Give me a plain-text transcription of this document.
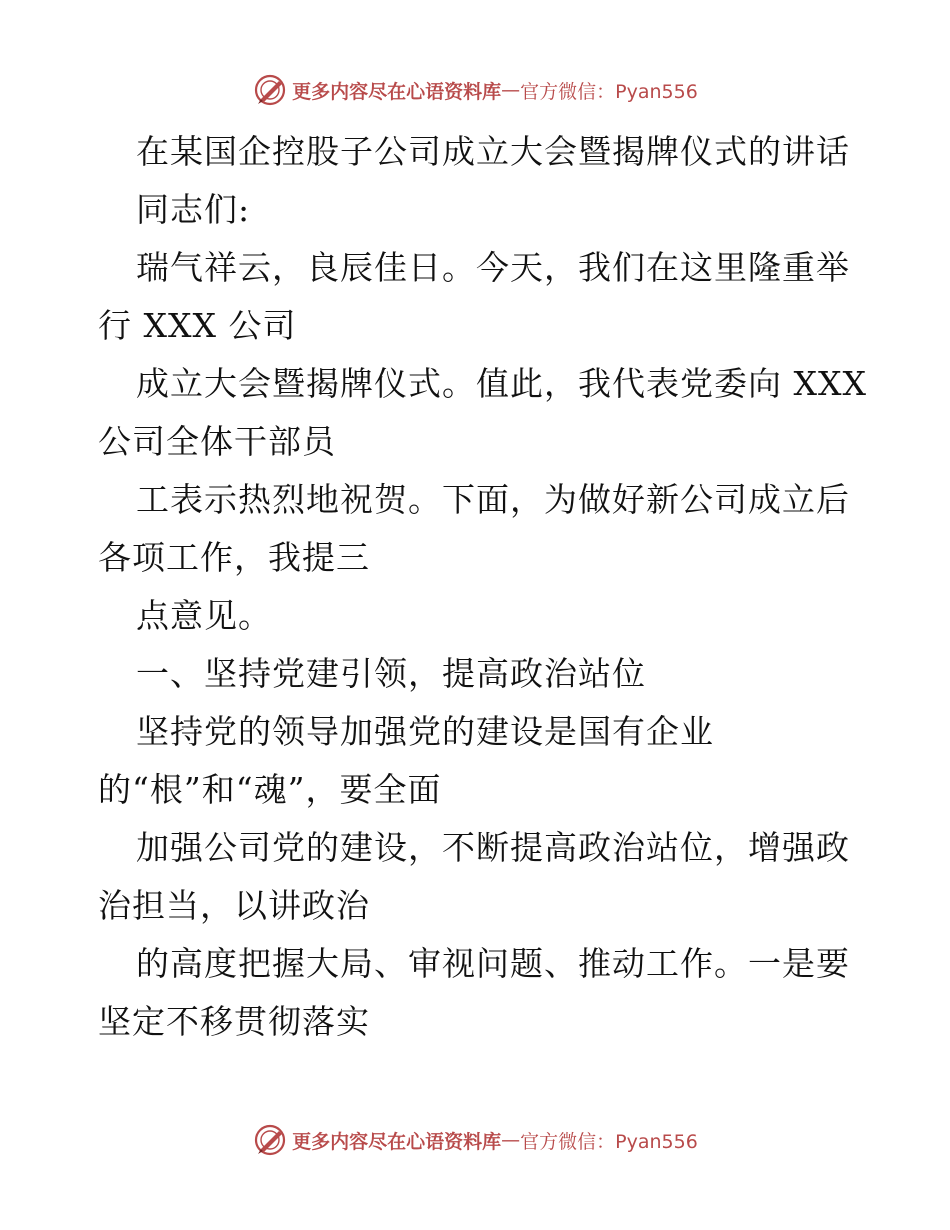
更多内容尽在心语资料库 — 官方微信：Pyan556
在某国企控股子公司成立大会暨揭牌仪式的讲话
同志们:
瑞气祥云，良辰佳日。今天，我们在这里隆重举
行 XXX 公司
成立大会暨揭牌仪式。值此，我代表党委向 XXX
公司全体干部员
工表示热烈地祝贺。下面，为做好新公司成立后
各项工作，我提三
点意见。
一、坚持党建引领，提高政治站位
坚持党的领导加强党的建设是国有企业
的“根”和“魂”，要全面
加强公司党的建设，不断提高政治站位，增强政
治担当，以讲政治
的高度把握大局、审视问题、推动工作。一是要
坚定不移贯彻落实
更多内容尽在心语资料库 — 官方微信：Pyan556
